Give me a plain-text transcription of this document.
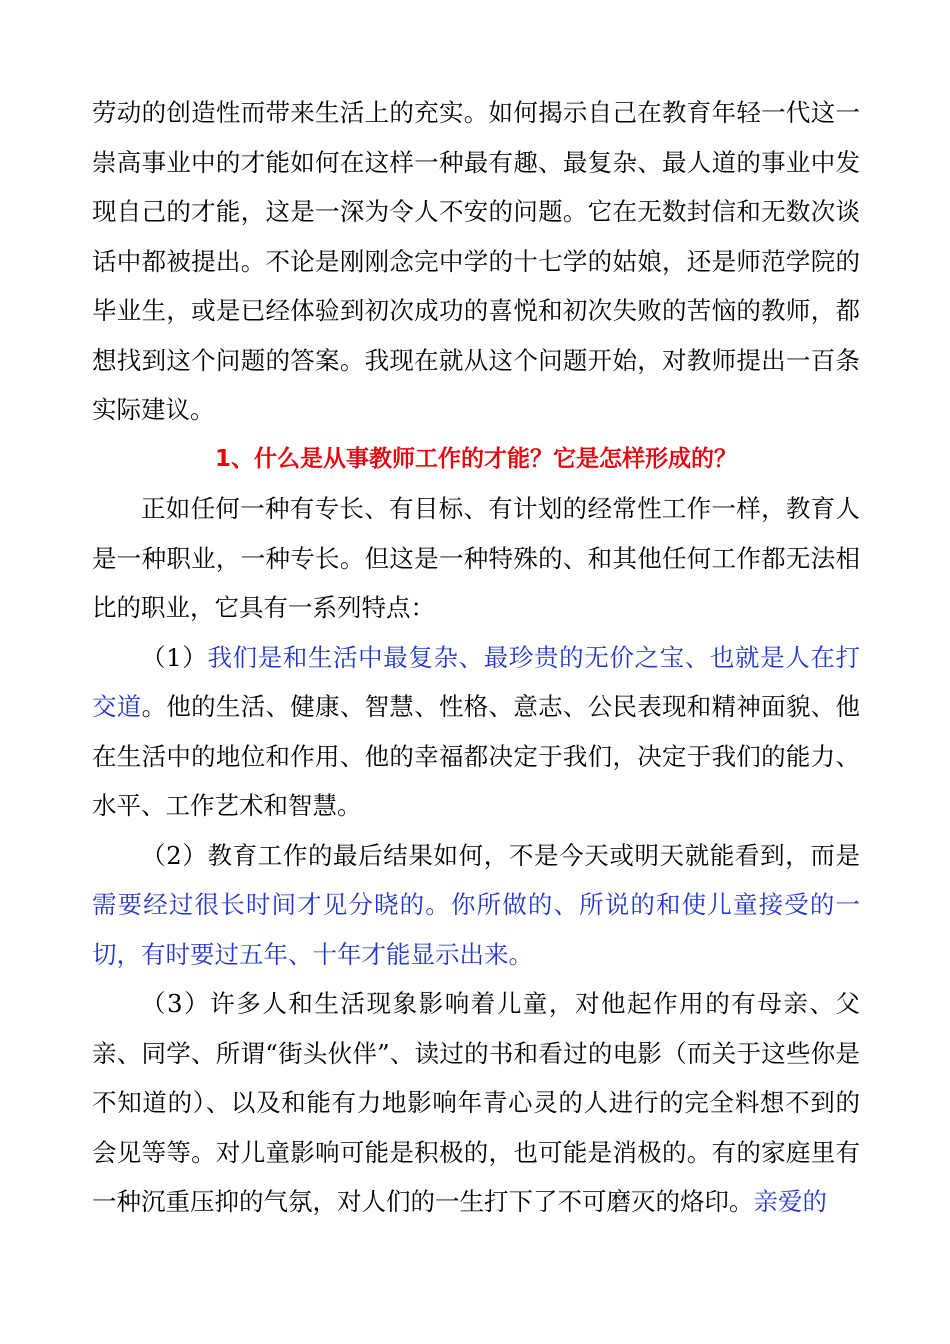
劳动的创造性而带来生活上的充实。如何揭示自己在教育年轻一代这一崇高事业中的才能如何在这样一种最有趣、最复杂、最人道的事业中发现自己的才能，这是一深为令人不安的问题。它在无数封信和无数次谈话中都被提出。不论是刚刚念完中学的十七学的姑娘，还是师范学院的毕业生，或是已经体验到初次成功的喜悦和初次失败的苦恼的教师，都想找到这个问题的答案。我现在就从这个问题开始，对教师提出一百条实际建议。

1、什么是从事教师工作的才能？它是怎样形成的？

正如任何一种有专长、有目标、有计划的经常性工作一样，教育人是一种职业，一种专长。但这是一种特殊的、和其他任何工作都无法相比的职业，它具有一系列特点：

（1）我们是和生活中最复杂、最珍贵的无价之宝、也就是人在打交道。他的生活、健康、智慧、性格、意志、公民表现和精神面貌、他在生活中的地位和作用、他的幸福都决定于我们，决定于我们的能力、水平、工作艺术和智慧。

（2）教育工作的最后结果如何，不是今天或明天就能看到，而是需要经过很长时间才见分晓的。你所做的、所说的和使儿童接受的一切，有时要过五年、十年才能显示出来。

（3）许多人和生活现象影响着儿童，对他起作用的有母亲、父亲、同学、所谓“街头伙伴”、读过的书和看过的电影（而关于这些你是不知道的）、以及和能有力地影响年青心灵的人进行的完全料想不到的会见等等。对儿童影响可能是积极的，也可能是消极的。有的家庭里有一种沉重压抑的气氛，对人们的一生打下了不可磨灭的烙印。亲爱的
